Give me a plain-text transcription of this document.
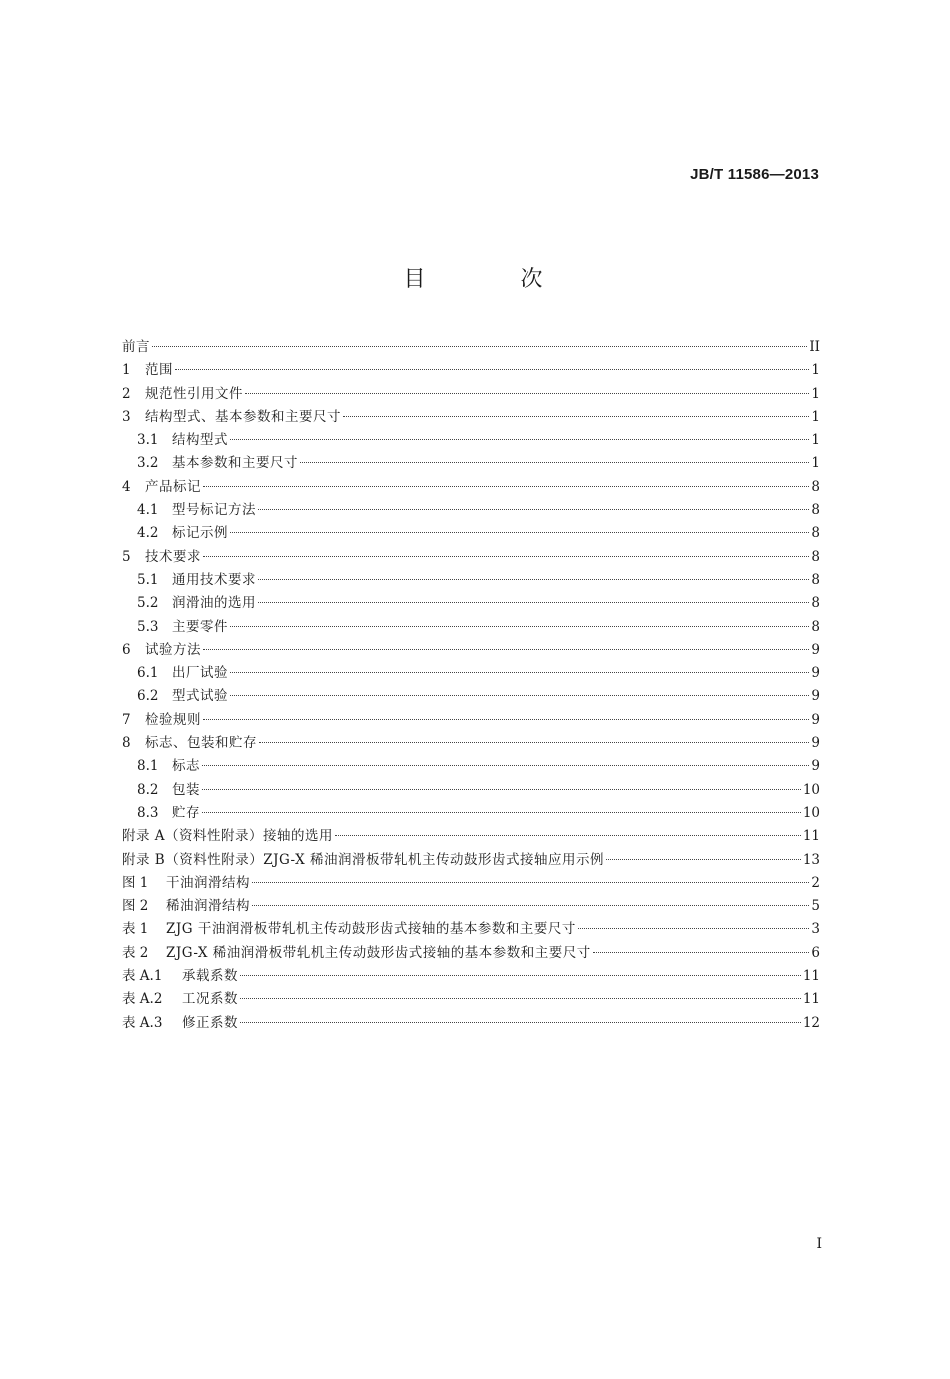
JB/T 11586—2013
目 次
前言	II
1	范围	1
2	规范性引用文件	1
3	结构型式、基本参数和主要尺寸	1
3.1	结构型式	1
3.2	基本参数和主要尺寸	1
4	产品标记	8
4.1	型号标记方法	8
4.2	标记示例	8
5	技术要求	8
5.1	通用技术要求	8
5.2	润滑油的选用	8
5.3	主要零件	8
6	试验方法	9
6.1	出厂试验	9
6.2	型式试验	9
7	检验规则	9
8	标志、包装和贮存	9
8.1	标志	9
8.2	包装	10
8.3	贮存	10
附录 A（资料性附录）接轴的选用	11
附录 B（资料性附录）ZJG-X 稀油润滑板带轧机主传动鼓形齿式接轴应用示例	13
图 1	干油润滑结构	2
图 2	稀油润滑结构	5
表 1	ZJG 干油润滑板带轧机主传动鼓形齿式接轴的基本参数和主要尺寸	3
表 2	ZJG-X 稀油润滑板带轧机主传动鼓形齿式接轴的基本参数和主要尺寸	6
表 A.1	承载系数	11
表 A.2	工况系数	11
表 A.3	修正系数	12
I
